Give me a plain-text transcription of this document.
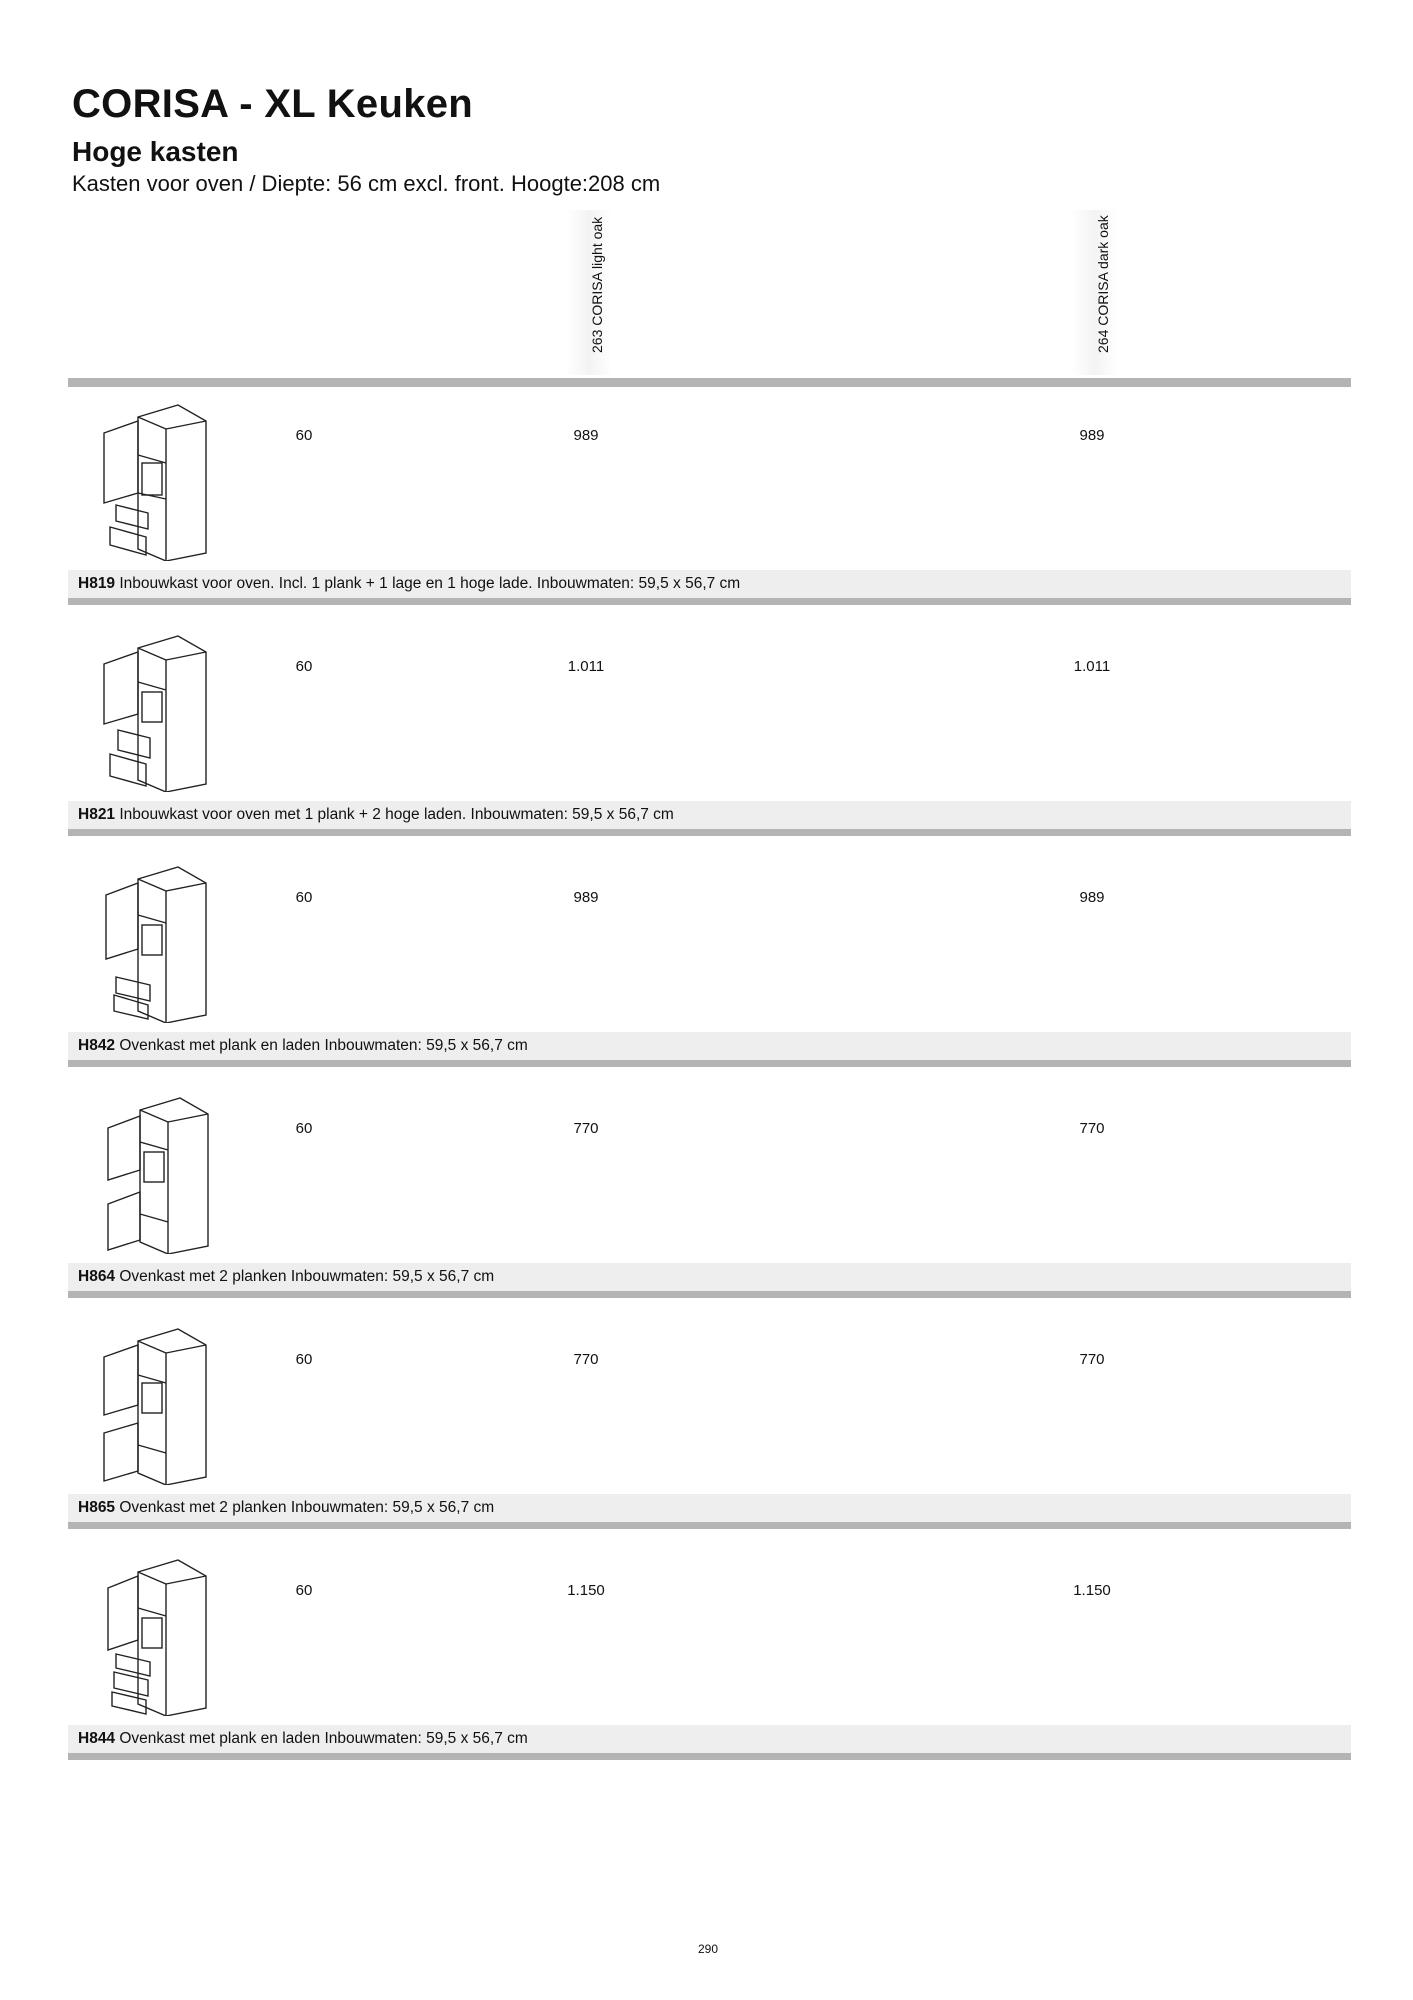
CORISA - XL Keuken
Hoge kasten
Kasten voor oven / Diepte: 56 cm excl. front. Hoogte:208 cm
263 CORISA light oak	264 CORISA dark oak
60	989	989
H819 Inbouwkast voor oven. Incl. 1 plank + 1 lage en 1 hoge lade. Inbouwmaten: 59,5 x 56,7 cm
60	1.011	1.011
H821 Inbouwkast voor oven met 1 plank + 2 hoge laden. Inbouwmaten: 59,5 x 56,7 cm
60	989	989
H842 Ovenkast met plank en laden Inbouwmaten: 59,5 x 56,7 cm
60	770	770
H864 Ovenkast met 2 planken Inbouwmaten: 59,5 x 56,7 cm
60	770	770
H865 Ovenkast met 2 planken Inbouwmaten: 59,5 x 56,7 cm
60	1.150	1.150
H844 Ovenkast met plank en laden Inbouwmaten: 59,5 x 56,7 cm
290
